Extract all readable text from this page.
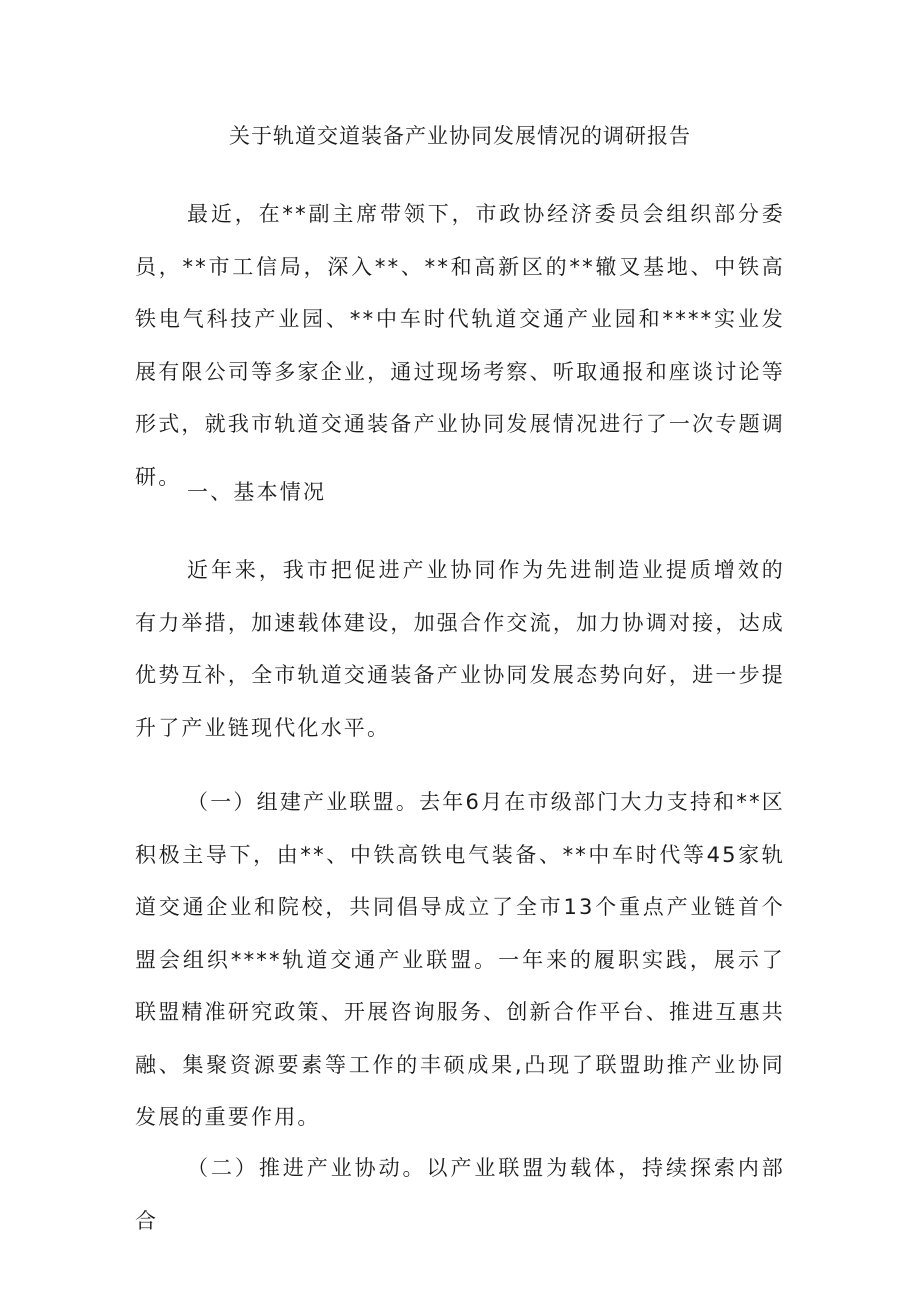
关于轨道交道装备产业协同发展情况的调研报告

最近，在**副主席带领下，市政协经济委员会组织部分委员，**市工信局，深入**、**和高新区的**辙叉基地、中铁高铁电气科技产业园、**中车时代轨道交通产业园和****实业发展有限公司等多家企业，通过现场考察、听取通报和座谈讨论等形式，就我市轨道交通装备产业协同发展情况进行了一次专题调研。

一、基本情况

近年来，我市把促进产业协同作为先进制造业提质增效的有力举措，加速载体建设，加强合作交流，加力协调对接，达成优势互补，全市轨道交通装备产业协同发展态势向好，进一步提升了产业链现代化水平。

（一）组建产业联盟。去年6月在市级部门大力支持和**区积极主导下，由**、中铁高铁电气装备、**中车时代等45家轨道交通企业和院校，共同倡导成立了全市13个重点产业链首个盟会组织****轨道交通产业联盟。一年来的履职实践，展示了联盟精准研究政策、开展咨询服务、创新合作平台、推进互惠共融、集聚资源要素等工作的丰硕成果,凸现了联盟助推产业协同发展的重要作用。

（二）推进产业协动。以产业联盟为载体，持续探索内部合
